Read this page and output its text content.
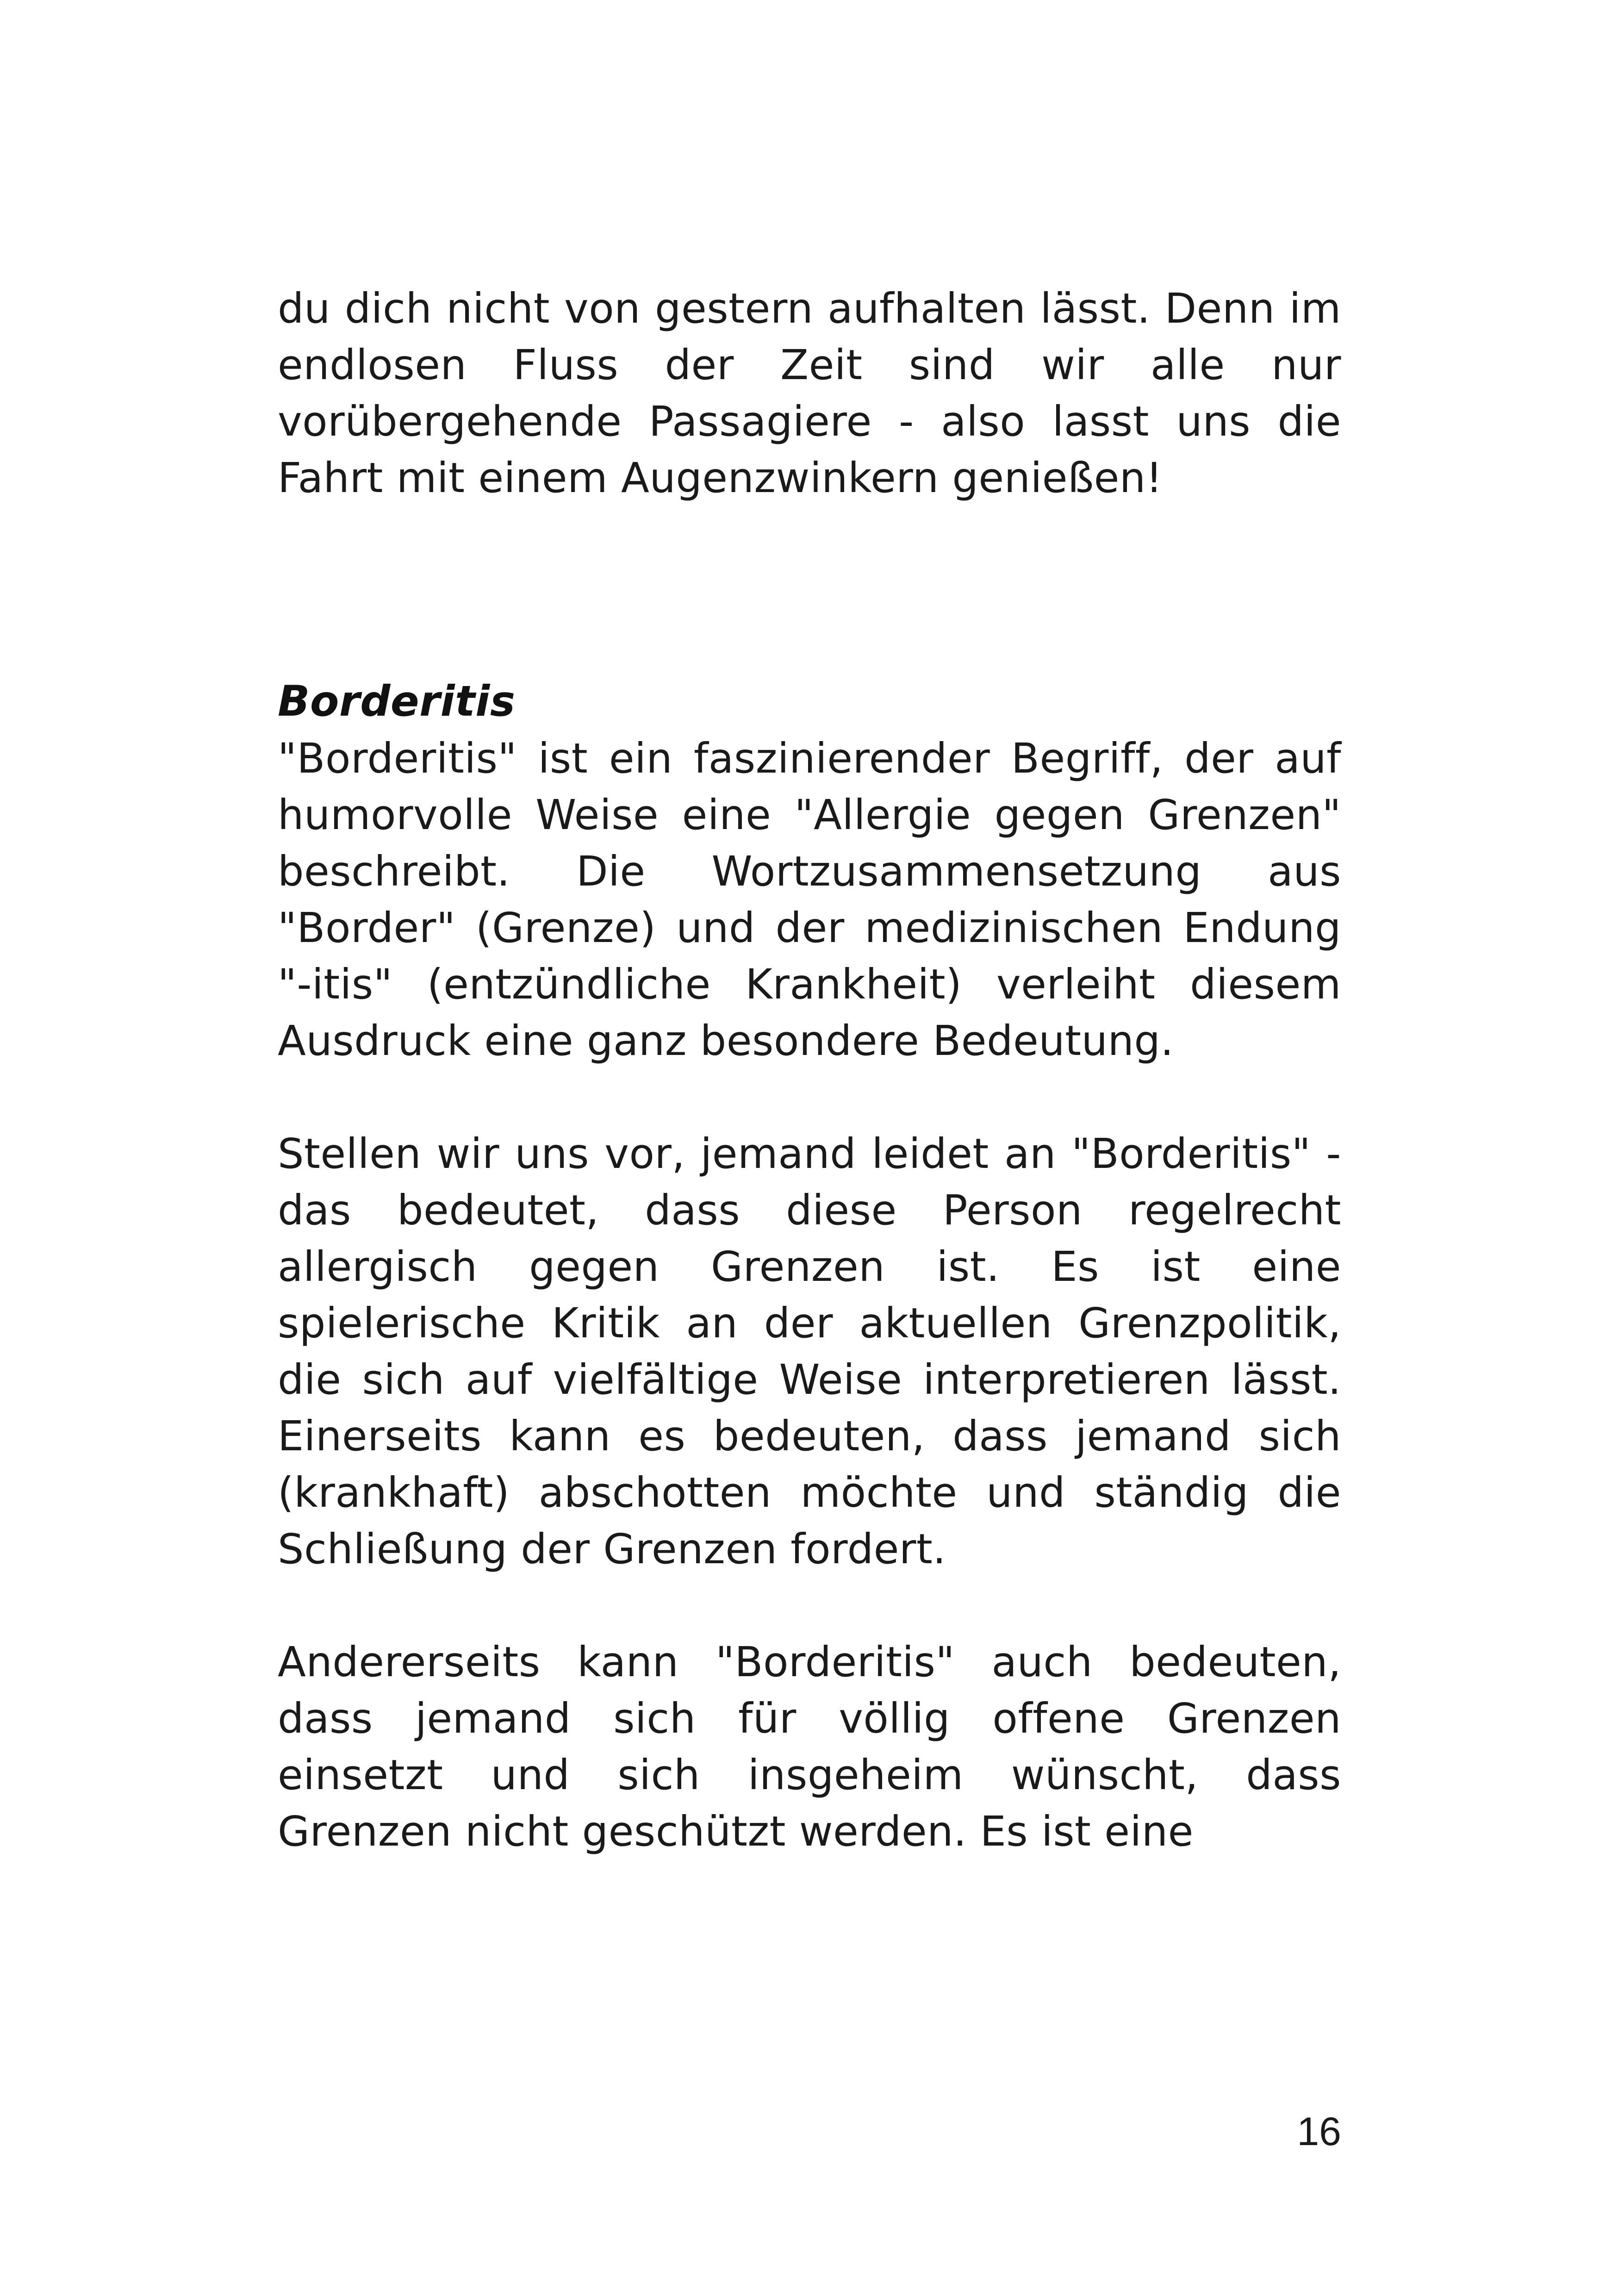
du dich nicht von gestern aufhalten lässt. Denn im endlosen Fluss der Zeit sind wir alle nur vorübergehende Passagiere - also lasst uns die Fahrt mit einem Augenzwinkern genießen!

Borderitis

"Borderitis" ist ein faszinierender Begriff, der auf humorvolle Weise eine "Allergie gegen Grenzen" beschreibt. Die Wortzusammensetzung aus "Border" (Grenze) und der medizinischen Endung "-itis" (entzündliche Krankheit) verleiht diesem Ausdruck eine ganz besondere Bedeutung.

Stellen wir uns vor, jemand leidet an "Borderitis" - das bedeutet, dass diese Person regelrecht allergisch gegen Grenzen ist. Es ist eine spielerische Kritik an der aktuellen Grenzpolitik, die sich auf vielfältige Weise interpretieren lässt. Einerseits kann es bedeuten, dass jemand sich (krankhaft) abschotten möchte und ständig die Schließung der Grenzen fordert.

Andererseits kann "Borderitis" auch bedeuten, dass jemand sich für völlig offene Grenzen einsetzt und sich insgeheim wünscht, dass Grenzen nicht geschützt werden. Es ist eine

16
